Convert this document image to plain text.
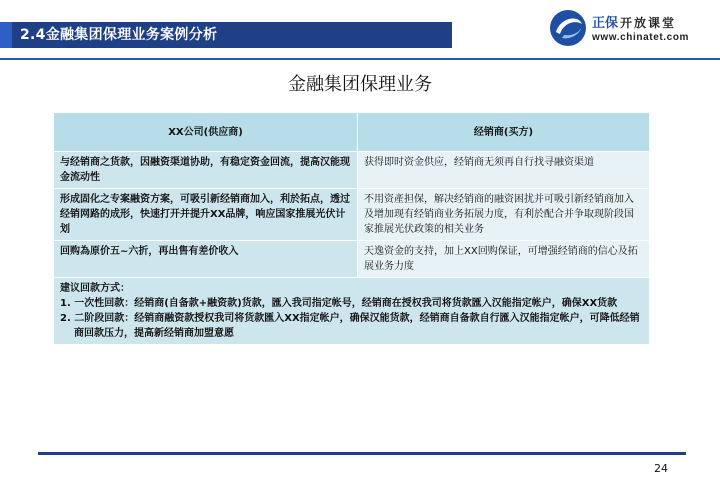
2.4金融集团保理业务案例分析
正保 开放课堂
www.chinatet.com
金融集团保理业务
XX公司(供应商)	经销商(买方)
与经销商之货款，因融资渠道协助，有稳定资金回流，提高汉能现金流动性	获得即时资金供应，经销商无须再自行找寻融资渠道
形成固化之专案融资方案，可吸引新经销商加入，利於拓点，透过经销网路的成形，快速打开并提升XX品牌，响应国家推展光伏计划	不用资產担保，解决经销商的融资困扰并可吸引新经销商加入及增加现有经销商业务拓展力度，有利於配合并争取现阶段国家推展光伏政策的相关业务
回购為原价五~六折，再出售有差价收入	天逸资金的支持，加上XX回购保证，可增强经销商的信心及拓展业务力度

建议回款方式：
1. 一次性回款：经销商(自备款+融资款)货款，匯入我司指定帐号，经销商在授权我司将货款匯入汉能指定帐户，确保XX货款
2. 二阶段回款：经销商融资款授权我司将货款匯入XX指定帐户，确保汉能货款，经销商自备款自行匯入汉能指定帐户，可降低经销商回款压力，提高新经销商加盟意愿	
24
